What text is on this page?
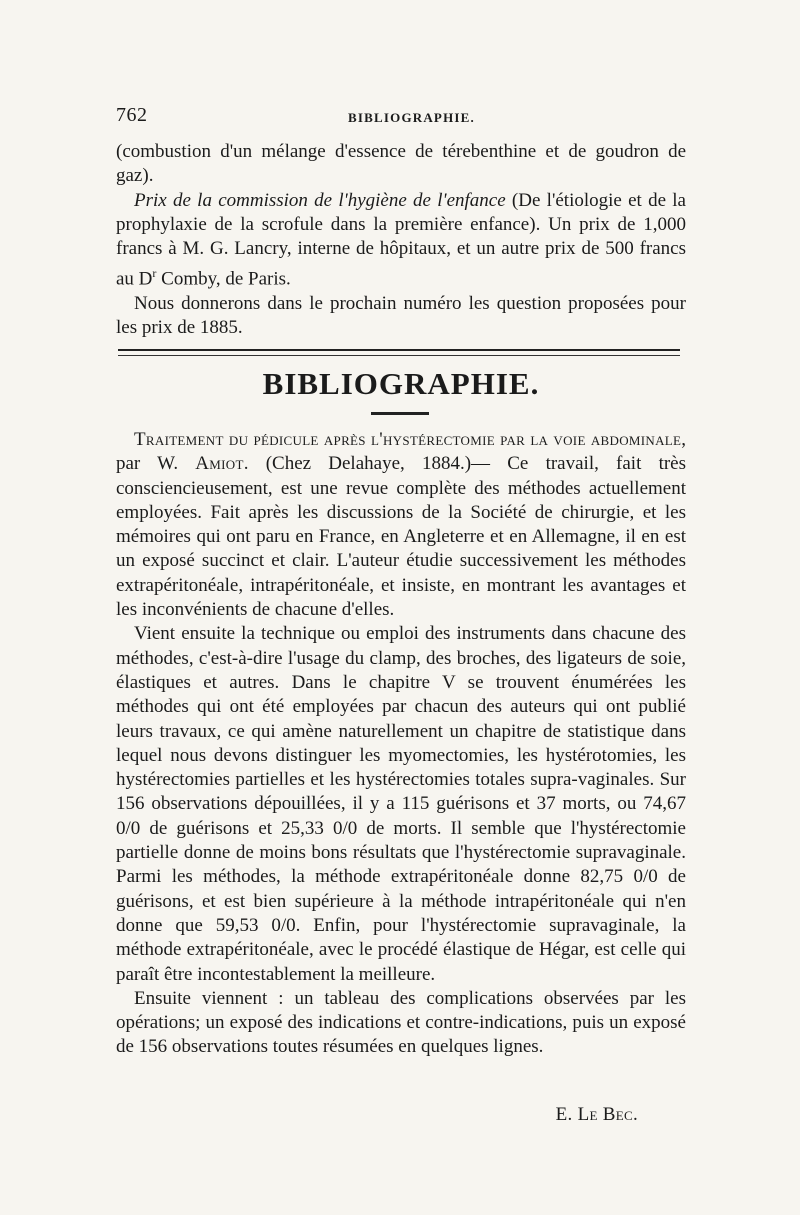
762	BIBLIOGRAPHIE.

(combustion d'un mélange d'essence de térebenthine et de goudron de gaz).

Prix de la commission de l'hygiène de l'enfance (De l'étiologie et de la prophylaxie de la scrofule dans la première enfance). Un prix de 1,000 francs à M. G. Lancry, interne de hôpitaux, et un autre prix de 500 francs au $D^r$ Comby, de Paris.

Nous donnerons dans le prochain numéro les question proposées pour les prix de 1885.

BIBLIOGRAPHIE.

Traitement du pédicule après l'hystérectomie par la voie abdominale, par W. Amiot. (Chez Delahaye, 1884.)— Ce travail, fait très consciencieusement, est une revue complète des méthodes actuellement employées. Fait après les discussions de la Société de chirurgie, et les mémoires qui ont paru en France, en Angleterre et en Allemagne, il en est un exposé succinct et clair. L'auteur étudie successivement les méthodes extrapéritonéale, intrapéritonéale, et insiste, en montrant les avantages et les inconvénients de chacune d'elles.

Vient ensuite la technique ou emploi des instruments dans chacune des méthodes, c'est-à-dire l'usage du clamp, des broches, des ligateurs de soie, élastiques et autres. Dans le chapitre V se trouvent énumérées les méthodes qui ont été employées par chacun des auteurs qui ont publié leurs travaux, ce qui amène naturellement un chapitre de statistique dans lequel nous devons distinguer les myomectomies, les hystérotomies, les hystérectomies partielles et les hystérectomies totales supra-vaginales. Sur 156 observations dépouillées, il y a 115 guérisons et 37 morts, ou 74,67 0/0 de guérisons et 25,33 0/0 de morts. Il semble que l'hystérectomie partielle donne de moins bons résultats que l'hystérectomie supravaginale. Parmi les méthodes, la méthode extrapéritonéale donne 82,75 0/0 de guérisons, et est bien supérieure à la méthode intrapéritonéale qui n'en donne que 59,53 0/0. Enfin, pour l'hystérectomie supravaginale, la méthode extrapéritonéale, avec le procédé élastique de Hégar, est celle qui paraît être incontestablement la meilleure.

Ensuite viennent : un tableau des complications observées par les opérations; un exposé des indications et contre-indications, puis un exposé de 156 observations toutes résumées en quelques lignes.

E. Le Bec.
